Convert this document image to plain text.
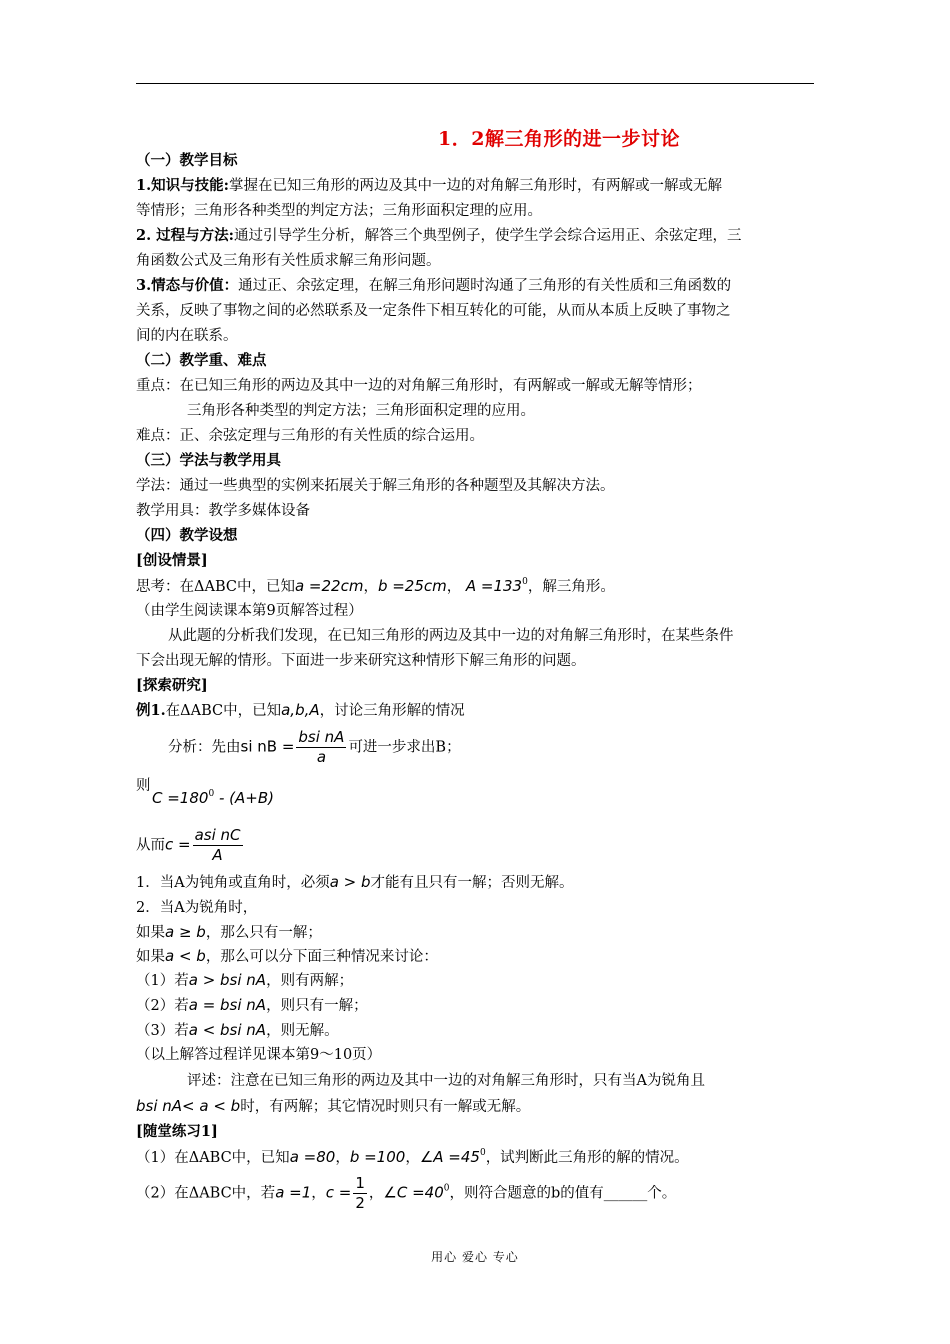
1．2解三角形的进一步讨论
（一）教学目标
1.知识与技能:掌握在已知三角形的两边及其中一边的对角解三角形时，有两解或一解或无解
等情形；三角形各种类型的判定方法；三角形面积定理的应用。
2. 过程与方法:通过引导学生分析，解答三个典型例子，使学生学会综合运用正、余弦定理，三
角函数公式及三角形有关性质求解三角形问题。
3.情态与价值：通过正、余弦定理，在解三角形问题时沟通了三角形的有关性质和三角函数的
关系，反映了事物之间的必然联系及一定条件下相互转化的可能，从而从本质上反映了事物之
间的内在联系。
（二）教学重、难点
重点：在已知三角形的两边及其中一边的对角解三角形时，有两解或一解或无解等情形；
三角形各种类型的判定方法；三角形面积定理的应用。
难点：正、余弦定理与三角形的有关性质的综合运用。
（三）学法与教学用具
学法：通过一些典型的实例来拓展关于解三角形的各种题型及其解决方法。
教学用具：教学多媒体设备
（四）教学设想
[创设情景]
思考：在ΔABC中，已知a =22cm，b =25cm， $A =133^0$，解三角形。
（由学生阅读课本第9页解答过程）
从此题的分析我们发现，在已知三角形的两边及其中一边的对角解三角形时，在某些条件
下会出现无解的情形。下面进一步来研究这种情形下解三角形的问题。
[探索研究]
例1.在ΔABC中，已知a,b,A，讨论三角形解的情况
分析：先由si nB = $\frac{\text{bsi nA}}{a}$ 可进一步求出B；
则
$C =180^0 - (A+B)$
从而$c = \frac{\text{asi nC}}{A}$
1．当A为钝角或直角时，必须a > b才能有且只有一解；否则无解。
2．当A为锐角时，
如果a ≥ b，那么只有一解；
如果a < b，那么可以分下面三种情况来讨论：
（1）若a > bsi nA，则有两解；
（2）若a = bsi nA，则只有一解；
（3）若a < bsi nA，则无解。
（以上解答过程详见课本第9～10页）
评述：注意在已知三角形的两边及其中一边的对角解三角形时，只有当A为锐角且
bsi nA< a < b时，有两解；其它情况时则只有一解或无解。
[随堂练习1]
（1）在ΔABC中，已知a =80，b =100，∠A $=45^0$，试判断此三角形的解的情况。
（2）在ΔABC中，若a =1，$c = \frac{1}{2}$ ，∠C $=40^0$，则符合题意的b的值有______个。
用心 爱心 专心
